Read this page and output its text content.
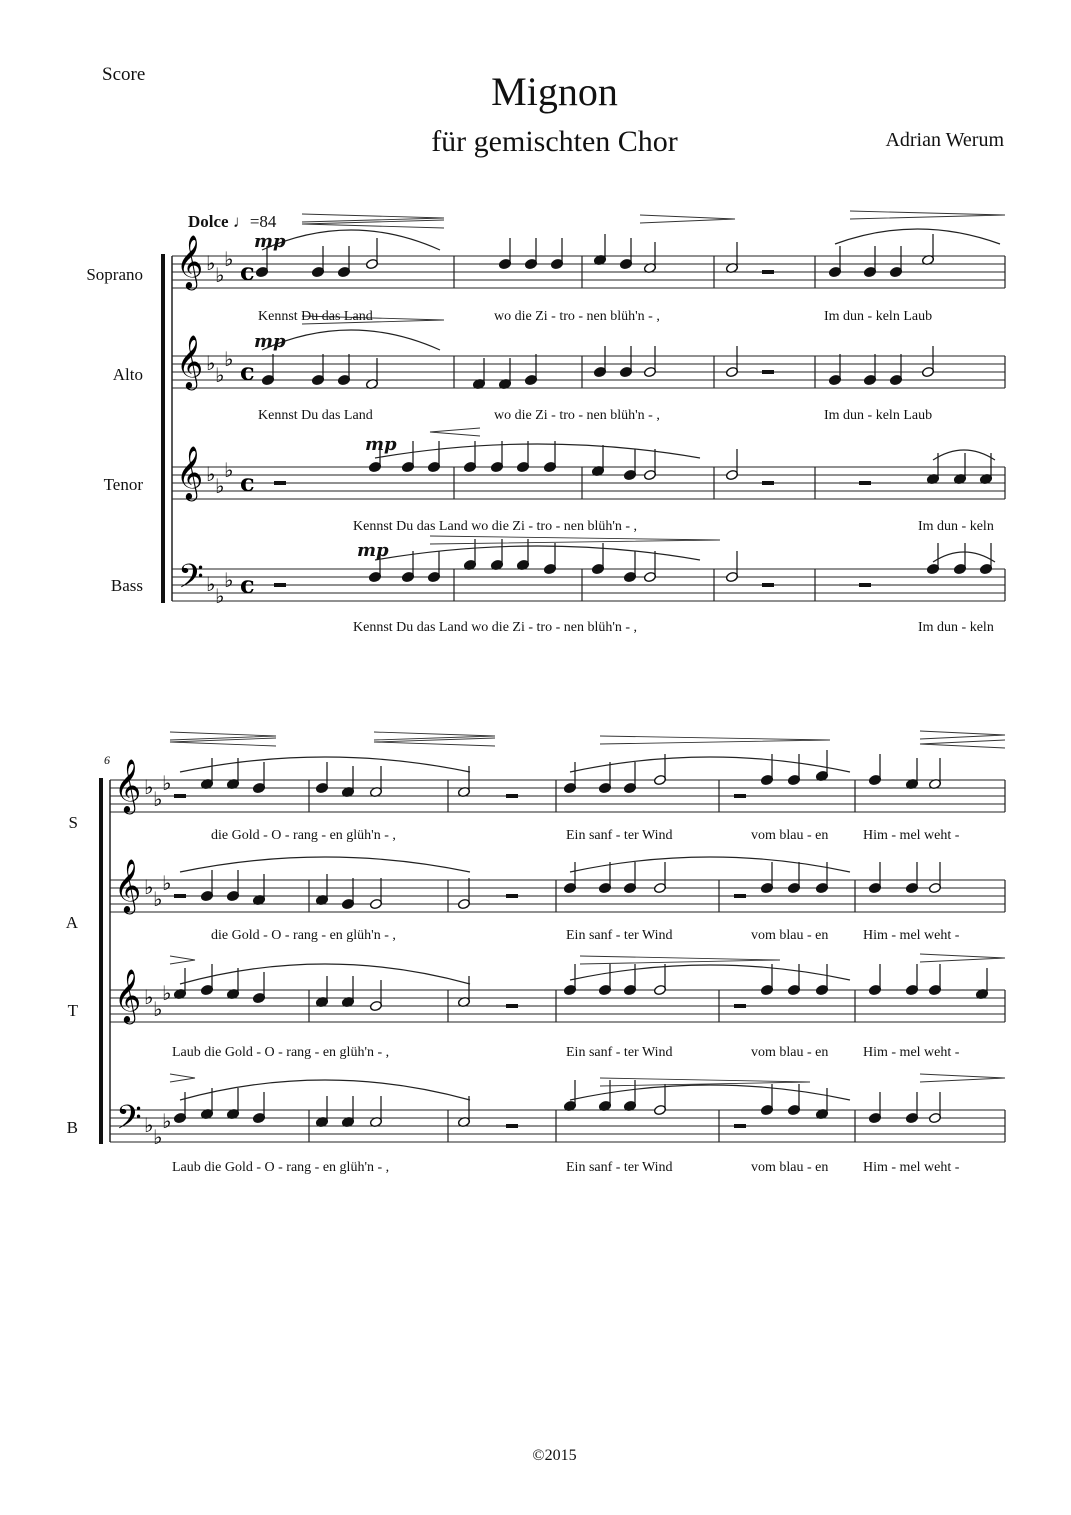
Score	Mignon
für gemischten Chor	Adrian Werum
Dolce ♩=84
𝄞 ♭ ♭
♭ c
𝄞 ♭ ♭
♭ c
𝄞 ♭ ♭
♭ c
𝄢 ♭ ♭
♭ c
𝄞 ♭ ♭
♭
𝄞 ♭ ♭
♭
𝄞 ♭ ♭
♭
𝄢 ♭ ♭
♭
Soprano
Alto
Tenor
Bass
mp
mp
mp
mp
Kennst Du das Land	wo die Zi - tro - nen blüh'n - ,	Im dun - keln Laub
Kennst Du das Land	wo die Zi - tro - nen blüh'n - ,	Im dun - keln Laub
Kennst Du das Land wo die Zi - tro - nen blüh'n - ,	Im dun - keln
Kennst Du das Land wo die Zi - tro - nen blüh'n - ,	Im dun - keln
6
S
A
T
B
die Gold - O - rang - en glüh'n - ,	Ein sanf - ter Wind	vom blau - en Him - mel weht -
die Gold - O - rang - en glüh'n - ,	Ein sanf - ter Wind	vom blau - en Him - mel weht -
Laub die Gold - O - rang - en glüh'n - ,	Ein sanf - ter Wind	vom blau - en Him - mel weht -
Laub die Gold - O - rang - en glüh'n - ,	Ein sanf - ter Wind	vom blau - en Him - mel weht -
©2015
